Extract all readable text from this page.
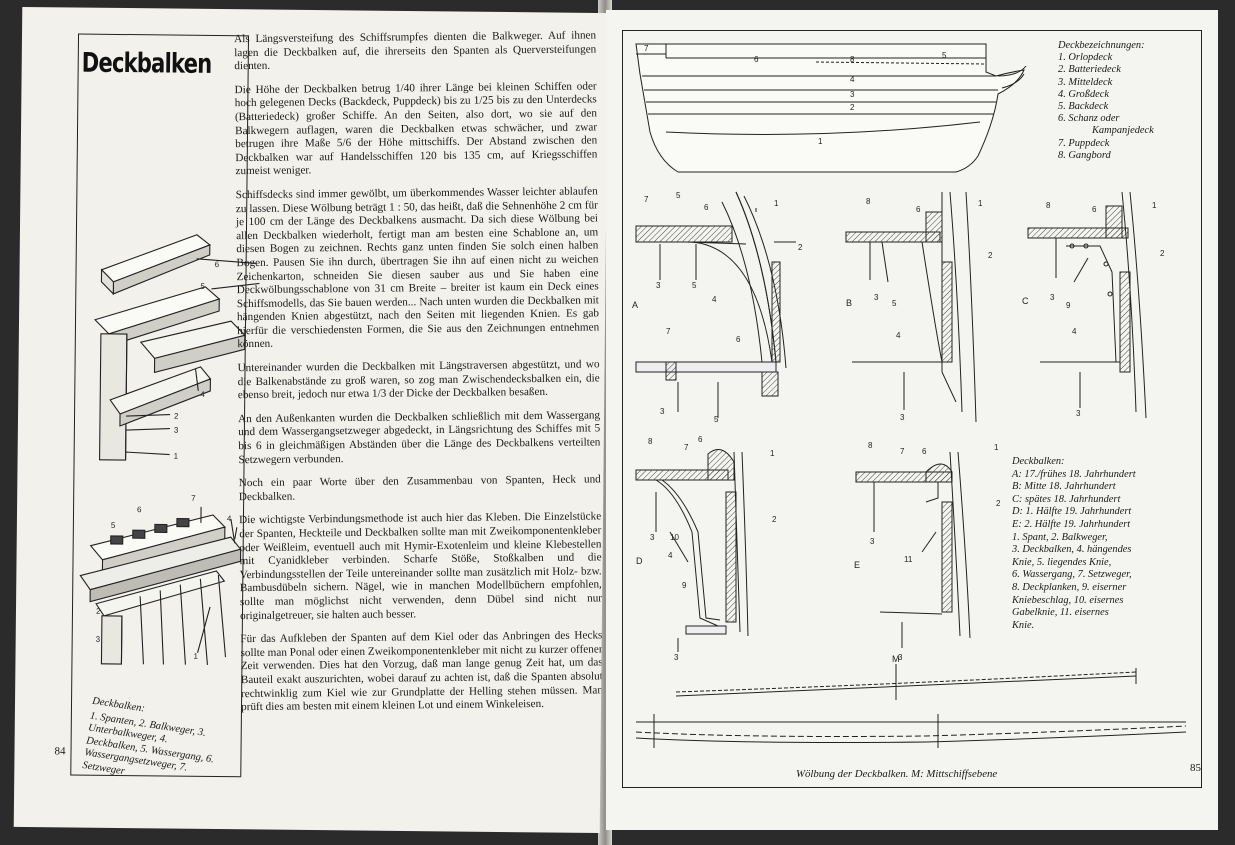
Deckbalken
6
5
4
2
3
1
6
7
5
4
2
3
1
Deckbalken:
1. Spanten, 2. Balkweger, 3. Unterbalkweger, 4. Deckbalken, 5. Wassergang, 6. Wassergangsetzweger, 7. Setzweger

Als Längsversteifung des Schiffsrumpfes dienten die Balkweger. Auf ihnen lagen die Deckbalken auf, die ihrerseits den Spanten als Querversteifungen dienten.

Die Höhe der Deckbalken betrug 1/40 ihrer Länge bei kleinen Schiffen oder hoch gelegenen Decks (Backdeck, Puppdeck) bis zu 1/25 bis zu den Unterdecks (Batteriedeck) großer Schiffe. An den Seiten, also dort, wo sie auf den Balkwegern auflagen, waren die Deckbalken etwas schwächer, und zwar betrugen ihre Maße 5/6 der Höhe mittschiffs. Der Abstand zwischen den Deckbalken war auf Handelsschiffen 120 bis 135 cm, auf Kriegsschiffen zumeist weniger.

Schiffsdecks sind immer gewölbt, um überkommendes Wasser leichter ablaufen zu lassen. Diese Wölbung beträgt 1 : 50, das heißt, daß die Sehnenhöhe 2 cm für je 100 cm der Länge des Deckbalkens ausmacht. Da sich diese Wölbung bei allen Deckbalken wiederholt, fertigt man am besten eine Schablone an, um diesen Bogen zu zeichnen. Rechts ganz unten finden Sie solch einen halben Bogen. Pausen Sie ihn durch, übertragen Sie ihn auf einen nicht zu weichen Zeichenkarton, schneiden Sie diesen sauber aus und Sie haben eine Deckwölbungsschablone von 31 cm Breite – breiter ist kaum ein Deck eines Schiffsmodells, das Sie bauen werden... Nach unten wurden die Deckbalken mit hängenden Knien abgestützt, nach den Seiten mit liegenden Knien. Es gab hierfür die verschiedensten Formen, die Sie aus den Zeichnungen entnehmen können.

Untereinander wurden die Deckbalken mit Längstraversen abgestützt, und wo die Balkenabstände zu groß waren, so zog man Zwischendecksbalken ein, die ebenso breit, jedoch nur etwa 1/3 der Dicke der Deckbalken besaßen.

An den Außenkanten wurden die Deckbalken schließlich mit dem Wassergang und dem Wassergangsetzweger abgedeckt, in Längsrichtung des Schiffes mit 5 bis 6 in gleichmäßigen Abständen über die Länge des Deckbalkens verteilten Setzwegern verbunden.

Noch ein paar Worte über den Zusammenbau von Spanten, Heck und Deckbalken.

Die wichtigste Verbindungsmethode ist auch hier das Kleben. Die Einzelstücke der Spanten, Heckteile und Deckbalken sollte man mit Zweikomponentenkleber oder Weißleim, eventuell auch mit Hymir-Exotenleim und kleine Klebestellen mit Cyanidkleber verbinden. Scharfe Stöße, Stoßkalben und die Verbindungsstellen der Teile untereinander sollte man zusätzlich mit Holz- bzw. Bambusdübeln sichern. Nägel, wie in manchen Modellbüchern empfohlen, sollte man möglichst nicht verwenden, denn Dübel sind nicht nur originalgetreuer, sie halten auch besser.

Für das Aufkleben der Spanten auf dem Kiel oder das Anbringen des Hecks sollte man Ponal oder einen Zweikomponentenkleber mit nicht zu kurzer offener Zeit verwenden. Dies hat den Vorzug, daß man lange genug Zeit hat, um das Bauteil exakt auszurichten, wobei darauf zu achten ist, daß die Spanten absolut rechtwinklig zum Kiel wie zur Grundplatte der Helling stehen müssen. Man prüft dies am besten mit einem kleinen Lot und einem Winkeleisen.

84
7
6	8	5
4
3
2
1
M
A	B	C
D	E
7	5
6	1
2
3	5
4
7
6
3
5
8
6
1
2
3
5
4
3
8	6	1
2
3
9
4
3
8
7
6
1
2
3 10
4
9
3
8
7 6	1
2
3
11
3
Deckbezeichnungen:
1. Orlopdeck
2. Batteriedeck
3. Mitteldeck
4. Großdeck
5. Backdeck
6. Schanz oder
Kampanjedeck
7. Puppdeck
8. Gangbord
Deckbalken:
A: 17./frühes 18. Jahrhundert
B: Mitte 18. Jahrhundert
C: spätes 18. Jahrhundert
D: 1. Hälfte 19. Jahrhundert
E: 2. Hälfte 19. Jahrhundert
1. Spant, 2. Balkweger,
3. Deckbalken, 4. hängendes
Knie, 5. liegendes Knie,
6. Wassergang, 7. Setzweger,
8. Deckplanken, 9. eiserner
Kniebeschlag, 10. eisernes
Gabelknie, 11. eisernes
Knie.
Wölbung der Deckbalken. M: Mittschiffsebene	85
